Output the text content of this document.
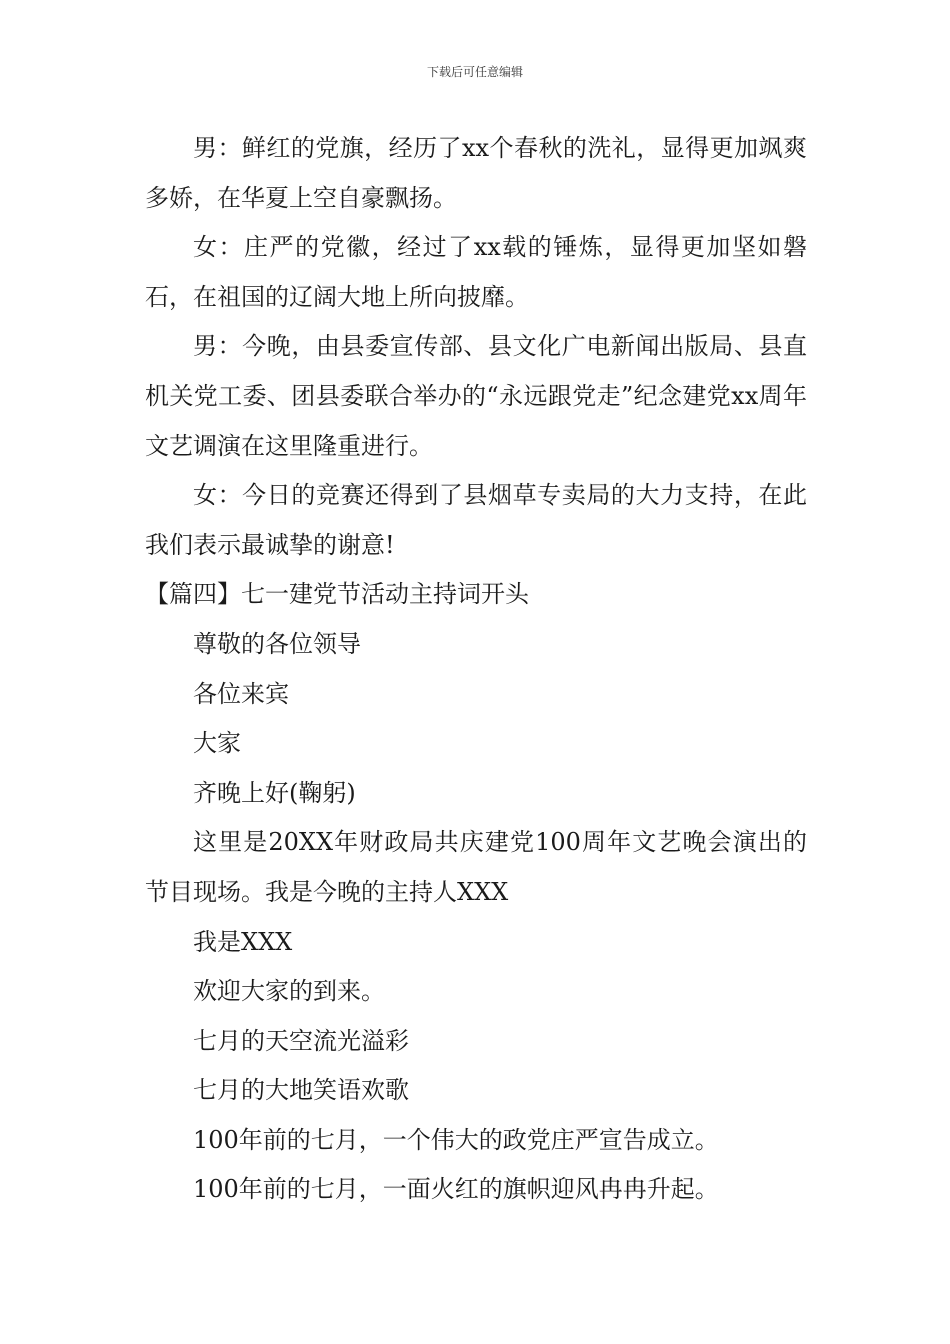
下载后可任意编辑

男：鲜红的党旗，经历了xx个春秋的洗礼，显得更加飒爽多娇，在华夏上空自豪飘扬。

女：庄严的党徽，经过了xx载的锤炼，显得更加坚如磐石，在祖国的辽阔大地上所向披靡。

男：今晚，由县委宣传部、县文化广电新闻出版局、县直机关党工委、团县委联合举办的“永远跟党走”纪念建党xx周年文艺调演在这里隆重进行。

女：今日的竞赛还得到了县烟草专卖局的大力支持，在此我们表示最诚挚的谢意!

【篇四】七一建党节活动主持词开头

尊敬的各位领导

各位来宾

大家

齐晚上好(鞠躬)

这里是20XX年财政局共庆建党100周年文艺晚会演出的节目现场。我是今晚的主持人XXX

我是XXX

欢迎大家的到来。

七月的天空流光溢彩

七月的大地笑语欢歌

100年前的七月，一个伟大的政党庄严宣告成立。

100年前的七月，一面火红的旗帜迎风冉冉升起。
